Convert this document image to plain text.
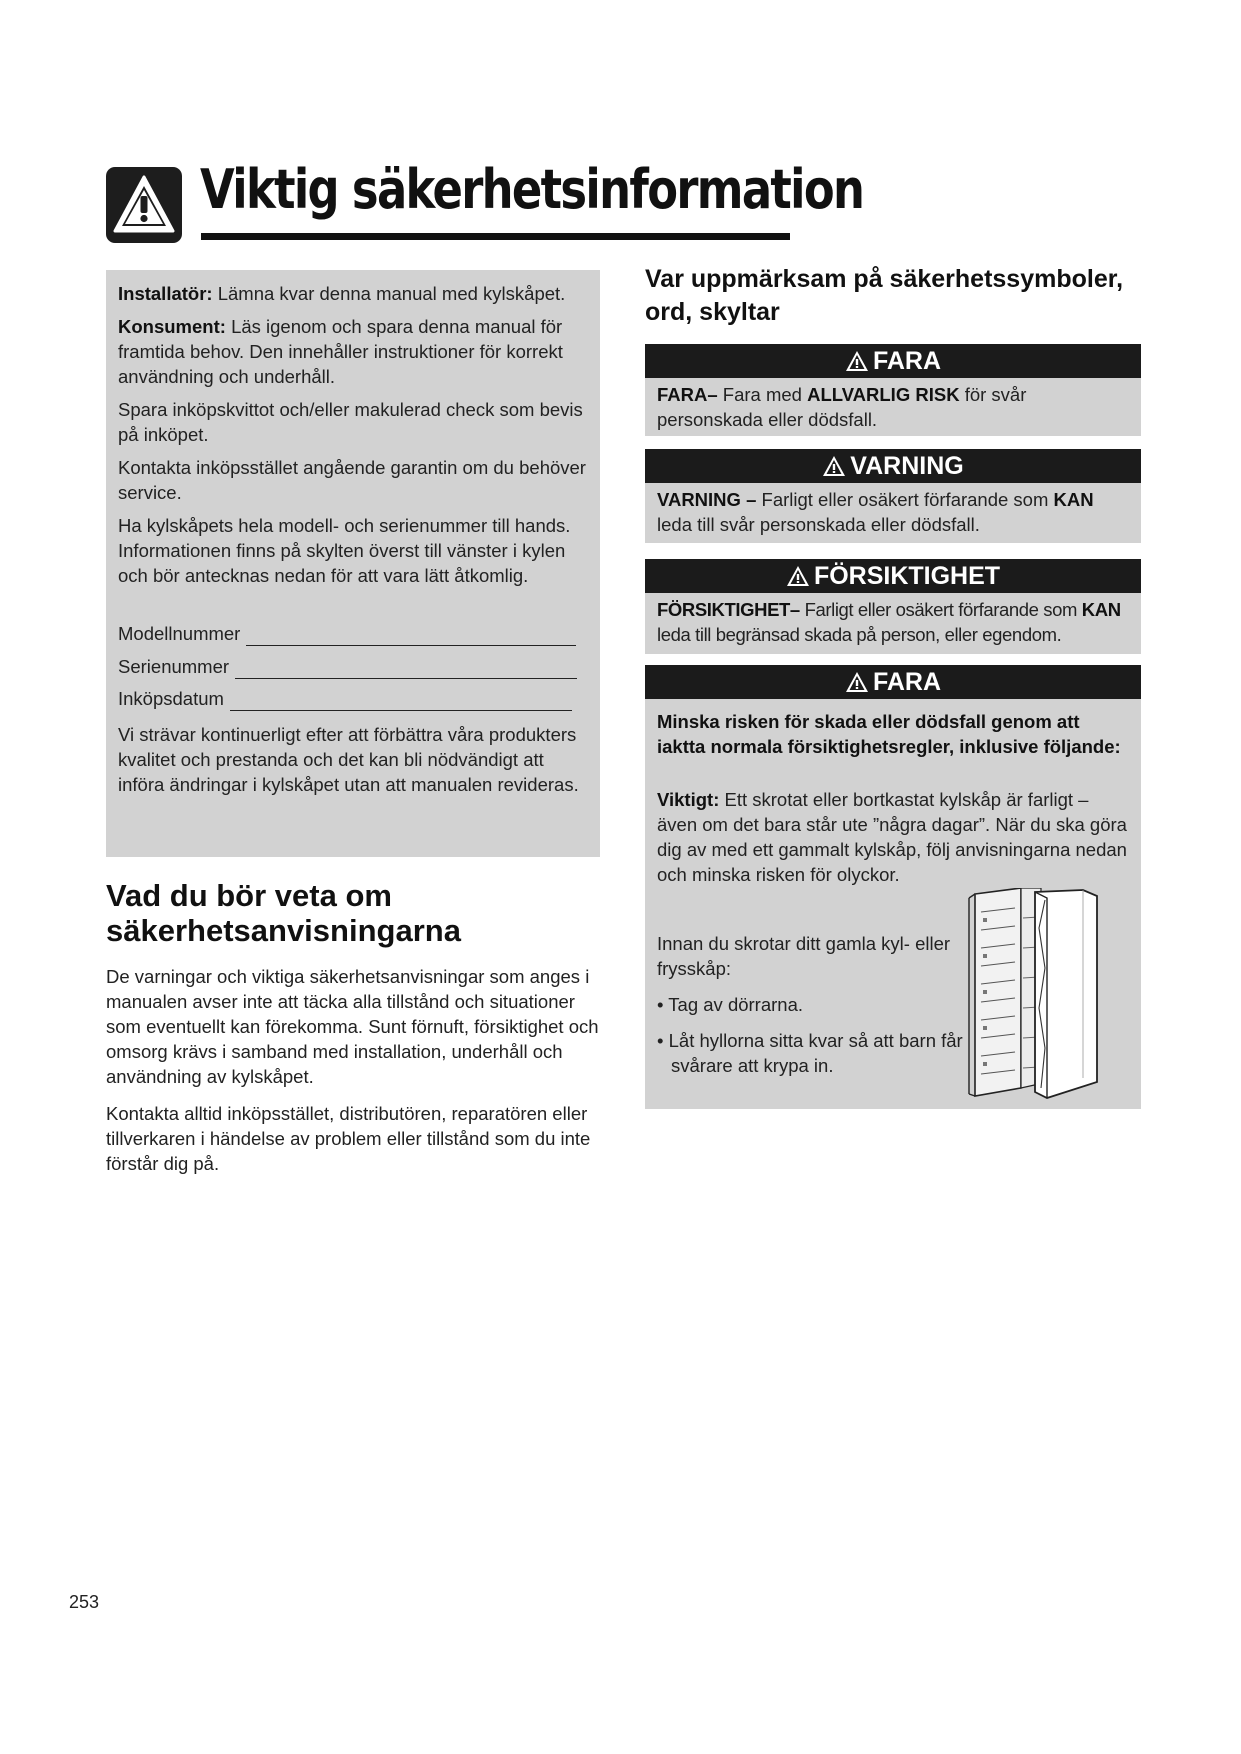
Viktig säkerhetsinformation

Installatör: Lämna kvar denna manual med kylskåpet.

Konsument: Läs igenom och spara denna manual för framtida behov. Den innehåller instruktioner för korrekt användning och underhåll.

Spara inköpskvittot och/eller makulerad check som bevis på inköpet.

Kontakta inköpsstället angående garantin om du behöver service.

Ha kylskåpets hela modell- och serienummer till hands. Informationen finns på skylten överst till vänster i kylen och bör antecknas nedan för att vara lätt åtkomlig.

Modellnummer
Serienummer
Inköpsdatum

Vi strävar kontinuerligt efter att förbättra våra produkters kvalitet och prestanda och det kan bli nödvändigt att införa ändringar i kylskåpet utan att manualen revideras.

Vad du bör veta om säkerhetsanvisningarna

De varningar och viktiga säkerhetsanvisningar som anges i manualen avser inte att täcka alla tillstånd och situationer som eventuellt kan förekomma. Sunt förnuft, försiktighet och omsorg krävs i samband med installation, underhåll och användning av kylskåpet.

Kontakta alltid inköpsstället, distributören, reparatören eller tillverkaren i händelse av problem eller tillstånd som du inte förstår dig på.

Var uppmärksam på säkerhetssymboler, ord, skyltar
FARA
FARA– Fara med ALLVARLIG RISK för svår personskada eller dödsfall.
VARNING
VARNING – Farligt eller osäkert förfarande som KAN leda till svår personskada eller dödsfall.
FÖRSIKTIGHET
FÖRSIKTIGHET– Farligt eller osäkert förfarande som KAN leda till begränsad skada på person, eller egendom.
FARA
Minska risken för skada eller dödsfall genom att iaktta normala försiktighetsregler, inklusive följande:
Viktigt: Ett skrotat eller bortkastat kylskåp är farligt – även om det bara står ute ”några dagar”. När du ska göra dig av med ett gammalt kylskåp, följ anvisningarna nedan och minska risken för olyckor.
Innan du skrotar ditt gamla kyl- eller frysskåp:
• Tag av dörrarna.
• Låt hyllorna sitta kvar så att barn får svårare att krypa in.
253
